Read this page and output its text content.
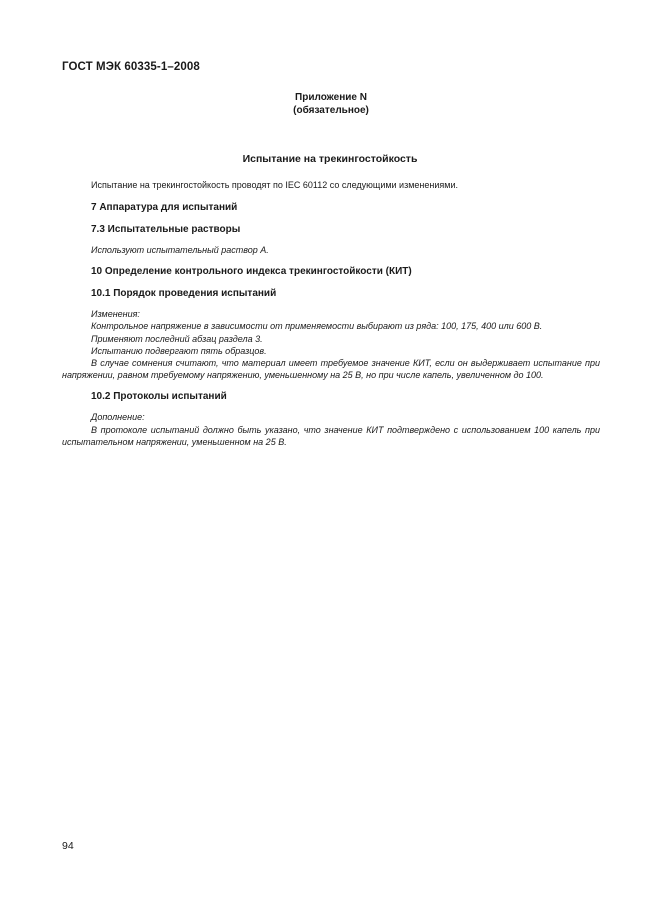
ГОСТ МЭК 60335-1–2008
Приложение N
(обязательное)
Испытание на трекингостойкость

Испытание на трекингостойкость проводят по IEC 60112 со следующими изменениями.

7 Аппаратура для испытаний

7.3 Испытательные растворы

Используют испытательный раствор А.

10 Определение контрольного индекса трекингостойкости (КИТ)

10.1 Порядок проведения испытаний

Изменения:

Контрольное напряжение в зависимости от применяемости выбирают из ряда: 100, 175, 400 или 600 В.

Применяют последний абзац раздела 3.

Испытанию подвергают пять образцов.

В случае сомнения считают, что материал имеет требуемое значение КИТ, если он выдерживает испытание при напряжении, равном требуемому напряжению, уменьшенному на 25 В, но при числе капель, увеличенном до 100.

10.2 Протоколы испытаний

Дополнение:

В протоколе испытаний должно быть указано, что значение КИТ подтверждено с использованием 100 капель при испытательном напряжении, уменьшенном на 25 В.

94
